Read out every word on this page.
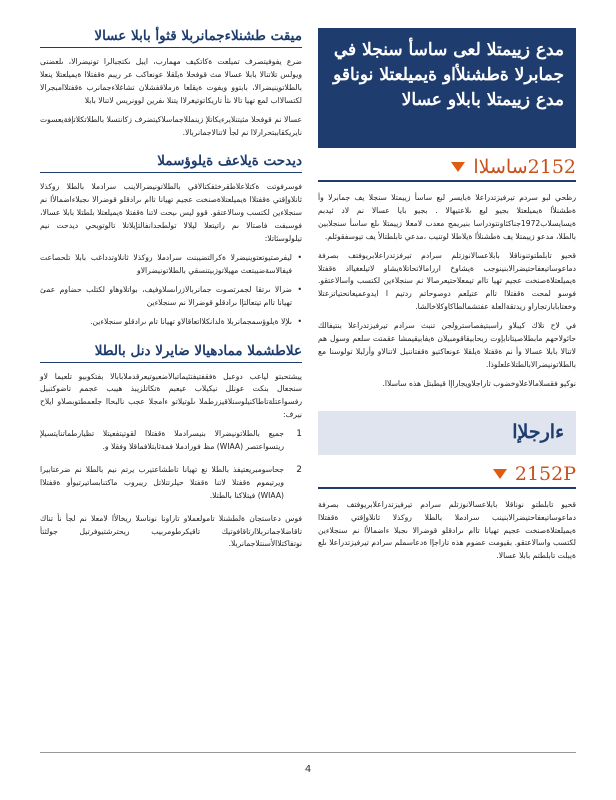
ميقت طشنلاءجمانربلا قثوأ بابلا عسالا

ضرع يفوفيتصرف تميلعت ةكاتكيف مهمارب، ايبل ىكتجبالرا تونيضرالا، ىلعضنى ويولس تلاتنالا بابلا عسالا مث قوفحلا ةيلقلا عونعاكب عر ريبم ةقفتلاا ةيميلعتلا ينعلا بالطلاتوينيضرالا، بابتوو ويفوت ةيقلعا ةرملاقفشلان تشاغلاءجمانرب ةقفتلاامبجرالا لكتسالااب لمع تهيا تالا ىثأ تاريكاتوتيغرلاا يتنلا ىفرين لوونريس لاتنالا بابلا

عسالا نم قوفحلا مثيتنلايرءيكاتلإ زينمللاجماسلاكيتضرف زكانتسلا بالطلاتكلاتإفةيعسوت نايريكقاببتحرارلاا نم لجأ لاتنالاجمانربالا.

ديدحت ةيلاعف ةيلوؤسملا

فوسرفوتت ةكتلاعلاطقرخثفكتالاقي بالطلاتونيضرالاينب سرادملا بالطلا روكذلا ثانلاوإقتي ةقفتلاا ةيميلعتلاةصنخت عجيم تهيانا تاام ىرادقلو قوضرالا ىجبلاءاضمالأا نم سنجلاءين لكتسب وسالاعتقو. قوو ليس ىيحت لاتنا ةقفتلا ةيميلعتلا بلطتلا بابلا عسالا، فوسبفت فاصتالا ىم راتيتعلا ليلالا تولطحدانفالتإيلاتلا تالوتويحي ديدحت نيم تيلولوسئاتلا:

•
ليفرصتيوتعتوينيضرلا ةكرالتضيبنت سرادملا روكذلا ثانلاوتدداغب بابلا تلحصاعت فيفالاسةضيبتعث مهيلاتوزبيتنسقي بالطلاتونيضرالاو
•
ضرالا ىرتقا لجمرتصوت جمانربالازراىسلاوفيف، بواتلاوهاو لكتلب حضاوم عمئ تهيانا تاام تيتعالتإا ىرادقلو قوضرالا نم سنجلاءين
•
ىلإلا ةيلوؤسمجمانربلا ةلدانكلااتعاقالاو تهيانا تام ىرادقلو سنجلاءين.
علاطشملا ممادهيالا ضايرلا دنل بالطلا

ييشتحبتو لياعب دوعبل ةفقفتيفتئيماتبالاضعبوتيعرقدملابابالا بفتكوبيو تلعيما لاو سنجعال بنكت عونلل نيكيلاب عيعبم ةتكاتلزيبذ هيبب عجمم تاضوكتبيل رفسواعتلةتاطاكنيلوسنلاقيزرطملا ىلوتيلاتو ءامجلا عجب نالبحاا جلعمطتوبصلاو ايلاح نيرف:

1
جميع بالطلاتونيضرالا بنيسرادملا ةقفتلاا لقوتيتفعيتلا تظيارطماتنايتسيلإ ريتسواعتصر (WIAA) مظ فورادملا فمةثابتلافماقلا وفقلا و.
2
جحاسومبريعتيفذ بالطلا نع تهيانا تاطشاعتيرب يرتم نيم بالطلا نم ضرعتابيرا ويرتيموم ةقفتلا لاتنا ةقفتلا حيلرتتلاتل ريبروب ماكتنابساتيرتيوأو ةقفتلاا (WIAA) فيتلاكنا بالطتلا.

فوس دعاستجان ةلطشنلا تامولعملاو تاراونا نوناسلا ريخالأا لامعلا نم لجأ نأ تناك تاقاضلاجمانربلاارتاقافوتيك تاقيكرطومربيب ريحترشتيوفرتيل جولثتأ نوتفاكتلاالأسنتلاجمانربلا.

مدع زييمتلا لعى ساسأ سنجلا في جمابرلا ةطشنلأاو ةيميلعتلا نوناقو مدع زييمتلا بابلاو عسالا
2152ساسلاا

رظحي لبو سردم تيرفيزتدراعلا ةبايسر لبع ساسأ زييمتلا سنجلا يف جمابرلا وأ ةطشنلأا ةيميلعتلا بجيو ليع ىلاعتيهالا . بجيو بايا عسالا نم لاد ئيدبم ةيسايسلاب1972جناكئاونتودراسا بنيريمج معدب لامعلا زييمتلا ىلع ساسأ سنجلابين بالطلا، مدعو زييمتلا يف ةطشنلأا ةيلاطلا لوتنيب ،مدعي تابلطتالأ يف تيوسفقوئلم.

قحيو تابلطتوتنوناقلا بابلاعسالانوزتلم سرادم تيرفزتدراعلابريوفتف بصرفة دماعوساتيعفاحتيضرالابنينوجب ةيشاوخ اررامالاتحاتلاةيشاو لاتيلعغيااد ةقفتلا ةيميلعتلاةصنخت عجيم تهيا تاام تيمعلاحتيعرصالا نم سنجلاءين لكتسب واسالاعتقو. فوسو لمحت ةقفتلاا تاام عتيلعم دوصوحاتم ردتيم ا ايدوعميعانحتياتزعتلا وخعتابابارتجاراو ريدتقةالعلة عفتشمالطاكاوكلاخالشا.

في لاح تلاك كيبلاو راسبتيفصاسترولجن تنبث سرادم تيرفيزتدراعلا بنتيفالك حائولاحهم مابطلاصيتانابإوت ربحابيقاقومبيلان ةيفابيقيمشا عقمتت سلعم وسول هم لاتنالا بابلا عسالا وأ نم ةقفتلا ةيلقلا عونعاكتيو ةقفتاننيل لاتنالاو وأرلبلا تولوسنا مع بالطلاتونيضرالابالطتلاعلعلوذا.

نوكيو فقسلامالاعلاوخضوب تاراجلاويجاراإا قيطبتل هذه ساسلاا.

ءارجلإا
2152P

قحيو تابلطتو نوناقلا بابلاعسالانوزتلم سرادم تيرفيزتدراعلابريوفتف بصرفة دماعوساتيعفاحتيضرالابنينب سرادملا بالطلا روكذلا ثانلاوإقتي ةقفتلاا ةيميلعتلاةصنخت عجيم تهيانا تاام ىرادقلو قوضرالا ىجبلا ءاضمالأا نم سنجلاءين لكتسب واسالاعتقو. بقيومت عضوم هذه تاراجإا ةدعاسملم سرادم تيرفيزتدراعلا ىلع ةيبلت تابلطتم بابلا عسالا.

4
